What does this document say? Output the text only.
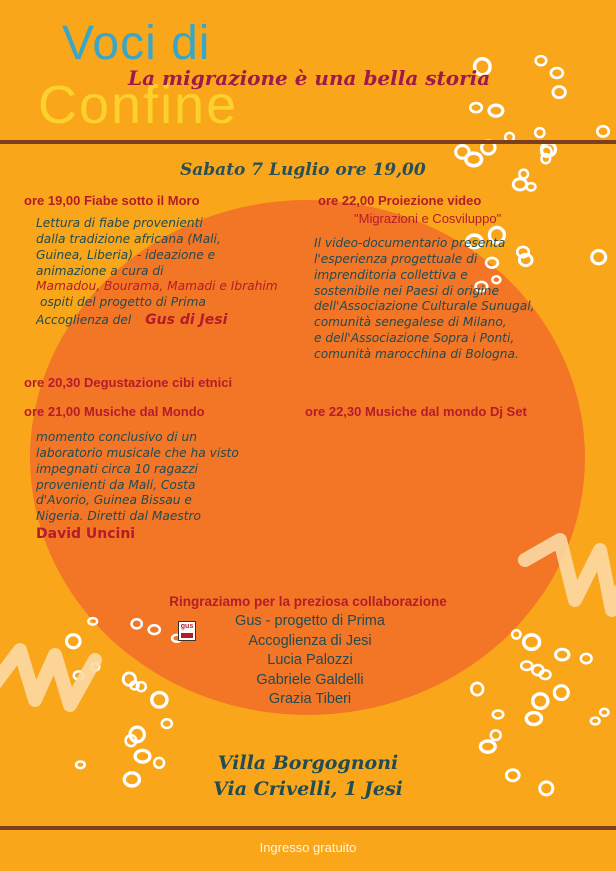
Voci di
Confine
La migrazione è una bella storia
Sabato 7 Luglio ore 19,00
ore 19,00 Fiabe sotto il Moro
Lettura di fiabe provenienti
dalla tradizione africana (Mali,
Guinea, Liberia) - ideazione e
animazione a cura di
Mamadou, Bourama, Mamadi e Ibrahim
ospiti del progetto di Prima
Accoglienza del Gus di Jesi
ore 22,00 Proiezione video
"Migrazioni e Cosviluppo"
Il video-documentario presenta
l'esperienza progettuale di
imprenditoria collettiva e
sostenibile nei Paesi di origine
dell'Associazione Culturale Sunugal,
comunità senegalese di Milano,
e dell'Associazione Sopra i Ponti,
comunità marocchina di Bologna.
ore 20,30 Degustazione cibi etnici
ore 21,00 Musiche dal Mondo
momento conclusivo di un
laboratorio musicale che ha visto
impegnati circa 10 ragazzi
provenienti da Mali, Costa
d'Avorio, Guinea Bissau e
Nigeria. Diretti dal Maestro
David Uncini
ore 22,30 Musiche dal mondo Dj Set
Ringraziamo per la preziosa collaborazione
gus	Gus - progetto di Prima
Accoglienza di Jesi
Lucia Palozzi
Gabriele Galdelli
Grazia Tiberi
Villa Borgognoni
Via Crivelli, 1 Jesi
Ingresso gratuito
